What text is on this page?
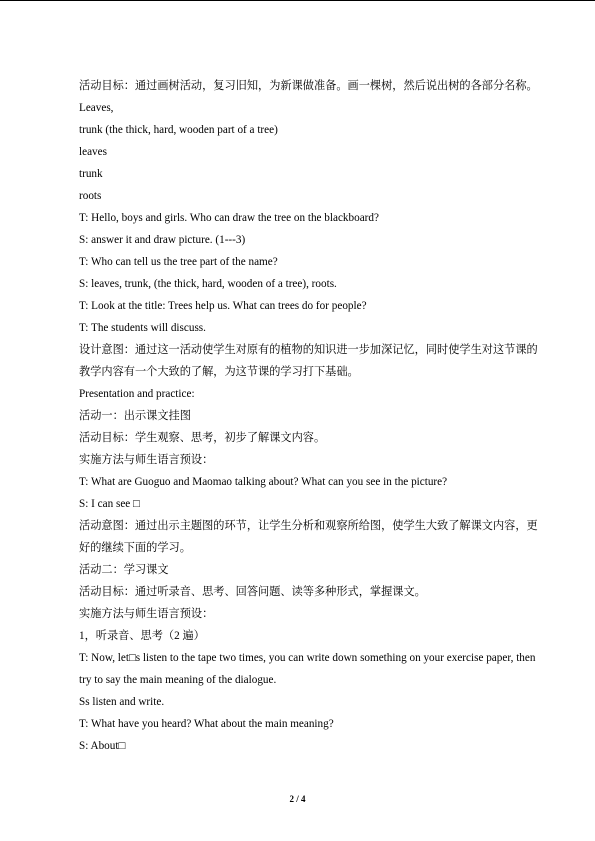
活动目标：通过画树活动，复习旧知，为新课做准备。画一棵树，然后说出树的各部分名称。Leaves,

trunk (the thick, hard, wooden part of a tree)

leaves

trunk

roots

T: Hello, boys and girls. Who can draw the tree on the blackboard?

S: answer it and draw picture. (1---3)

T: Who can tell us the tree part of the name?

S: leaves, trunk, (the thick, hard, wooden of a tree), roots.

T: Look at the title: Trees help us. What can trees do for people?

T: The students will discuss.

设计意图：通过这一活动使学生对原有的植物的知识进一步加深记忆，同时使学生对这节课的教学内容有一个大致的了解，为这节课的学习打下基础。

Presentation and practice:

活动一：出示课文挂图

活动目标：学生观察、思考，初步了解课文内容。

实施方法与师生语言预设：

T: What are Guoguo and Maomao talking about? What can you see in the picture?

S: I can see □

活动意图：通过出示主题图的环节，让学生分析和观察所给图，使学生大致了解课文内容，更好的继续下面的学习。

活动二：学习课文

活动目标：通过听录音、思考、回答问题、读等多种形式，掌握课文。

实施方法与师生语言预设：

1，听录音、思考（2 遍）

T: Now, let□s listen to the tape two times, you can write down something on your exercise paper, then try to say the main meaning of the dialogue.

Ss listen and write.

T: What have you heard? What about the main meaning?

S: About□

2 / 4
